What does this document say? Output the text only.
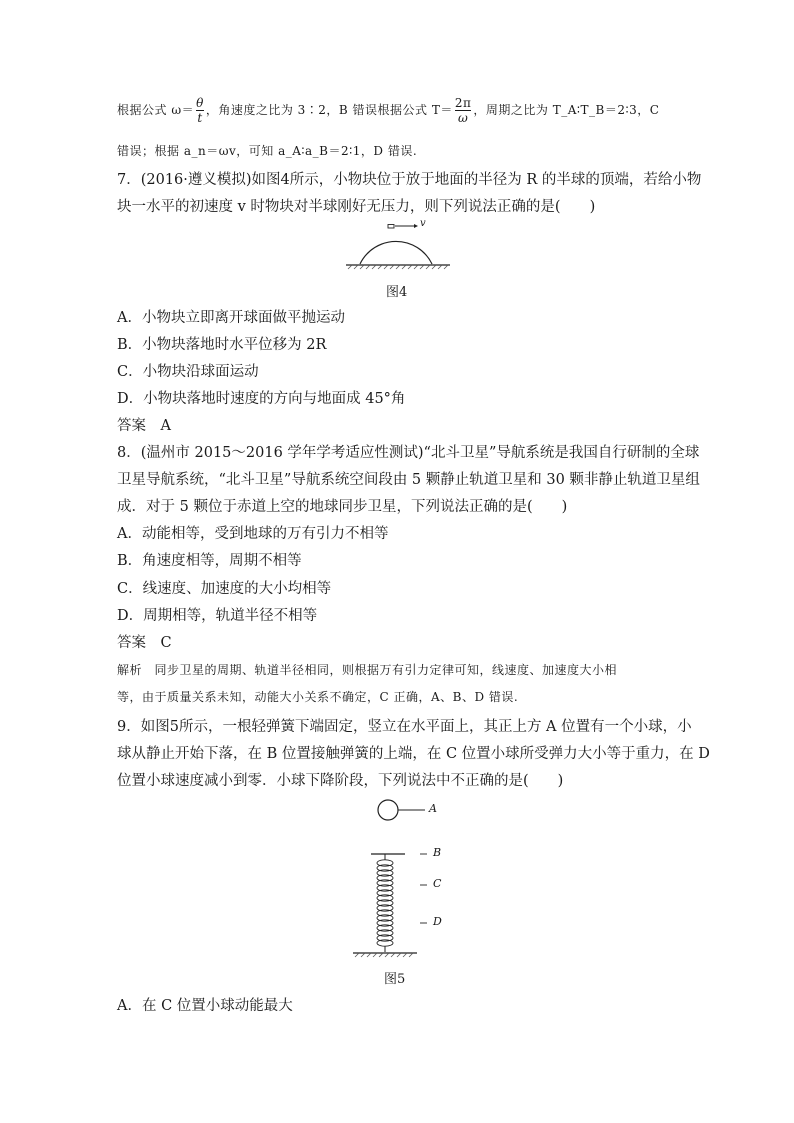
根据公式 $\omega= \frac{\theta}{t}$ ，角速度之比为 3∶2，B 错误根据公式 $T= \frac{2\pi}{\omega}$ ，周期之比为 T_A∶T_B＝2∶3，C
错误；根据 a_n＝ωv，可知 a_A∶a_B＝2∶1，D 错误.
7．(2016·遵义模拟)如图4所示，小物块位于放于地面的半径为 R 的半球的顶端，若给小物
块一水平的初速度 v 时物块对半球刚好无压力，则下列说法正确的是(　　)
v
图4
A．小物块立即离开球面做平抛运动
B．小物块落地时水平位移为 2R
C．小物块沿球面运动
D．小物块落地时速度的方向与地面成 45°角
答案　A
8．(温州市 2015～2016 学年学考适应性测试)“北斗卫星”导航系统是我国自行研制的全球
卫星导航系统，“北斗卫星”导航系统空间段由 5 颗静止轨道卫星和 30 颗非静止轨道卫星组
成．对于 5 颗位于赤道上空的地球同步卫星，下列说法正确的是(　　)
A．动能相等，受到地球的万有引力不相等
B．角速度相等，周期不相等
C．线速度、加速度的大小均相等
D．周期相等，轨道半径不相等
答案　C
解析　同步卫星的周期、轨道半径相同，则根据万有引力定律可知，线速度、加速度大小相
等，由于质量关系未知，动能大小关系不确定，C 正确，A、B、D 错误.
9．如图5所示，一根轻弹簧下端固定，竖立在水平面上，其正上方 A 位置有一个小球，小
球从静止开始下落，在 B 位置接触弹簧的上端，在 C 位置小球所受弹力大小等于重力，在 D
位置小球速度减小到零．小球下降阶段，下列说法中不正确的是(　　)
A
B
C
D
图5
A．在 C 位置小球动能最大
